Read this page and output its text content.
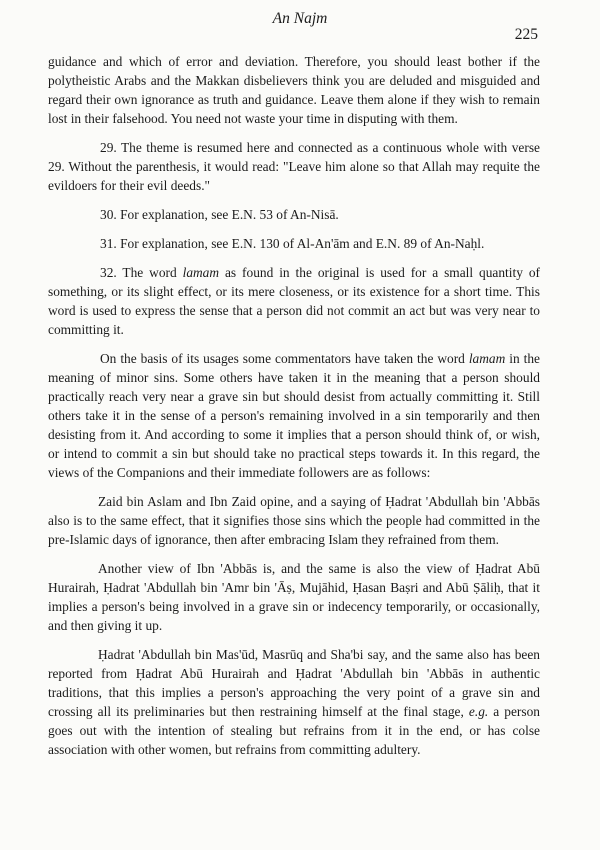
An Najm
225

guidance and which of error and deviation. Therefore, you should least bother if the polytheistic Arabs and the Makkan disbelievers think you are deluded and misguided and regard their own ignorance as truth and guidance. Leave them alone if they wish to remain lost in their falsehood. You need not waste your time in disputing with them.

29. The theme is resumed here and connected as a continuous whole with verse 29. Without the parenthesis, it would read: "Leave him alone so that Allah may requite the evildoers for their evil deeds."

30. For explanation, see E.N. 53 of An-Nisā.

31. For explanation, see E.N. 130 of Al-An'ām and E.N. 89 of An-Naḥl.

32. The word lamam as found in the original is used for a small quantity of something, or its slight effect, or its mere closeness, or its existence for a short time. This word is used to express the sense that a person did not commit an act but was very near to committing it.

On the basis of its usages some commentators have taken the word lamam in the meaning of minor sins. Some others have taken it in the meaning that a person should practically reach very near a grave sin but should desist from actually committing it. Still others take it in the sense of a person's remaining involved in a sin temporarily and then desisting from it. And according to some it implies that a person should think of, or wish, or intend to commit a sin but should take no practical steps towards it. In this regard, the views of the Companions and their immediate followers are as follows:

Zaid bin Aslam and Ibn Zaid opine, and a saying of Ḥadrat 'Abdullah bin 'Abbās also is to the same effect, that it signifies those sins which the people had committed in the pre-Islamic days of ignorance, then after embracing Islam they refrained from them.

Another view of Ibn 'Abbās is, and the same is also the view of Ḥadrat Abū Hurairah, Ḥadrat 'Abdullah bin 'Amr bin 'Āṣ, Mujāhid, Ḥasan Baṣri and Abū Ṣāliḥ, that it implies a person's being involved in a grave sin or indecency temporarily, or occasionally, and then giving it up.

Ḥadrat 'Abdullah bin Mas'ūd, Masrūq and Sha'bi say, and the same also has been reported from Ḥadrat Abū Hurairah and Ḥadrat 'Abdullah bin 'Abbās in authentic traditions, that this implies a person's approaching the very point of a grave sin and crossing all its preliminaries but then restraining himself at the final stage, e.g. a person goes out with the intention of stealing but refrains from it in the end, or has colse association with other women, but refrains from committing adultery.
